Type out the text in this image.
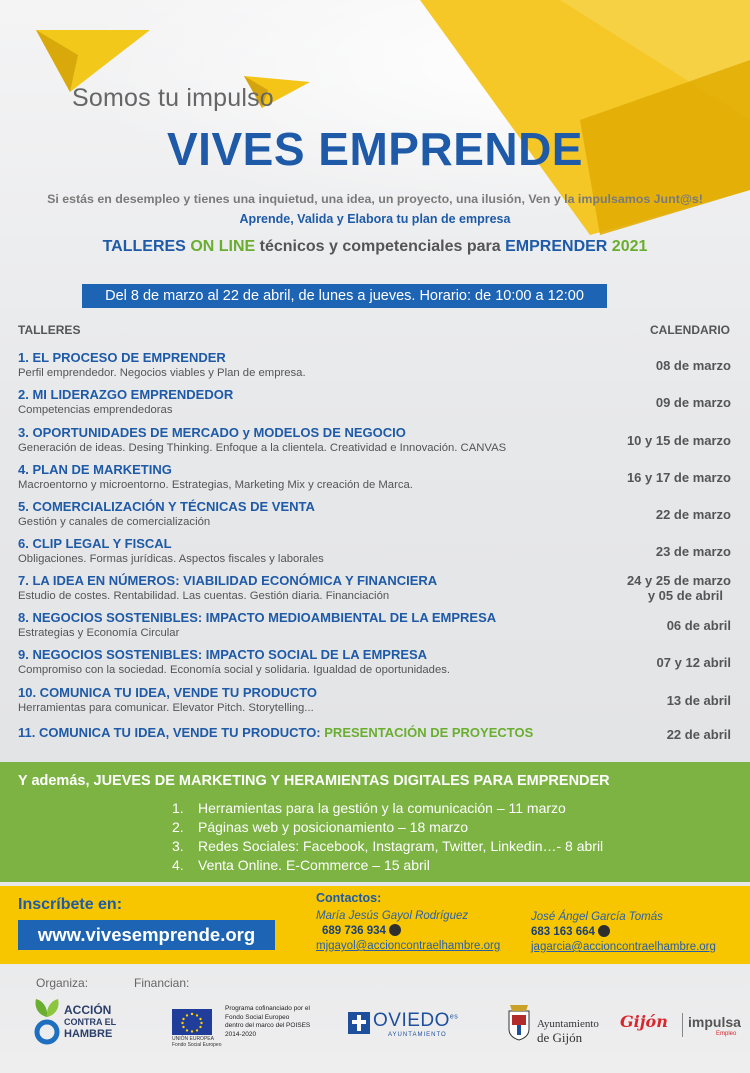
Somos tu impulso
VIVES EMPRENDE
Si estás en desempleo y tienes una inquietud, una idea, un proyecto, una ilusión, Ven y la impulsamos Junt@s!
Aprende, Valida y Elabora tu plan de empresa
TALLERES ON LINE técnicos y competenciales para EMPRENDER 2021
Del 8 de marzo al 22 de abril, de lunes a jueves. Horario: de 10:00 a 12:00
TALLERES	CALENDARIO
1. EL PROCESO DE EMPRENDER
Perfil emprendedor. Negocios viables y Plan de empresa.	08 de marzo
2. MI LIDERAZGO EMPRENDEDOR
Competencias emprendedoras	09 de marzo
3. OPORTUNIDADES DE MERCADO y MODELOS DE NEGOCIO
Generación de ideas. Desing Thinking. Enfoque a la clientela. Creatividad e Innovación. CANVAS	10 y 15 de marzo
4. PLAN DE MARKETING
Macroentorno y microentorno. Estrategias, Marketing Mix y creación de Marca.	16 y 17 de marzo
5. COMERCIALIZACIÓN Y TÉCNICAS DE VENTA
Gestión y canales de comercialización	22 de marzo
6. CLIP LEGAL Y FISCAL
Obligaciones. Formas jurídicas. Aspectos fiscales y laborales	23 de marzo
7. LA IDEA EN NÚMEROS: VIABILIDAD ECONÓMICA Y FINANCIERA
Estudio de costes. Rentabilidad. Las cuentas. Gestión diaria. Financiación
24 y 25 de marzo
y 05 de abril
8. NEGOCIOS SOSTENIBLES: IMPACTO MEDIOAMBIENTAL DE LA EMPRESA
Estrategias y Economía Circular	06 de abril
9. NEGOCIOS SOSTENIBLES: IMPACTO SOCIAL DE LA EMPRESA
Compromiso con la sociedad. Economía social y solidaria. Igualdad de oportunidades.	07 y 12 abril
10. COMUNICA TU IDEA, VENDE TU PRODUCTO
Herramientas para comunicar. Elevator Pitch. Storytelling...	13 de abril
11. COMUNICA TU IDEA, VENDE TU PRODUCTO: PRESENTACIÓN DE PROYECTOS	22 de abril
Y además, JUEVES DE MARKETING Y HERAMIENTAS DIGITALES PARA EMPRENDER
1. Herramientas para la gestión y la comunicación – 11 marzo
2. Páginas web y posicionamiento – 18 marzo
3. Redes Sociales: Facebook, Instagram, Twitter, Linkedin…- 8 abril
4. Venta Online. E-Commerce – 15 abril
Inscríbete en:
www.vivesemprende.org
Contactos:
María Jesús Gayol Rodríguez
689 736 934
mjgayol@accioncontraelhambre.org
José Ángel García Tomás
683 163 664
jagarcia@accioncontraelhambre.org
Organiza:	Financian:
ACCIÓN
CONTRA EL
HAMBRE	UNIÓN EUROPEA
Fondo Social Europeo
Programa cofinanciado por el
Fondo Social Europeo
dentro del marco del POISES
2014-2020
$OVIEDO^{es}$
AYUNTAMIENTO
Ayuntamiento
de Gijón
Gijón impulsa
Empleo
